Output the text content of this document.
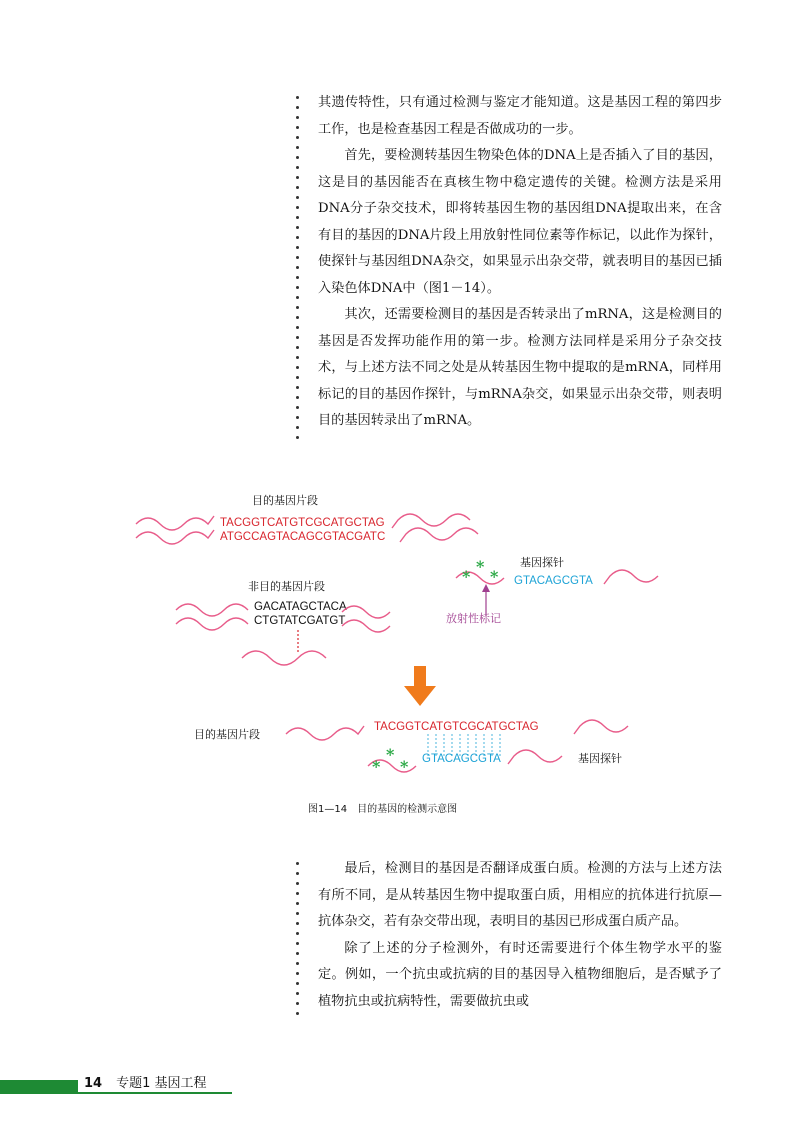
其遗传特性，只有通过检测与鉴定才能知道。这是基因工程的第四步工作，也是检查基因工程是否做成功的一步。

首先，要检测转基因生物染色体的DNA上是否插入了目的基因，这是目的基因能否在真核生物中稳定遗传的关键。检测方法是采用DNA分子杂交技术，即将转基因生物的基因组DNA提取出来，在含有目的基因的DNA片段上用放射性同位素等作标记，以此作为探针，使探针与基因组DNA杂交，如果显示出杂交带，就表明目的基因已插入染色体DNA中（图1－14）。

其次，还需要检测目的基因是否转录出了mRNA，这是检测目的基因是否发挥功能作用的第一步。检测方法同样是采用分子杂交技术，与上述方法不同之处是从转基因生物中提取的是mRNA，同样用标记的目的基因作探针，与mRNA杂交，如果显示出杂交带，则表明目的基因转录出了mRNA。

目的基因片段
TACGGTCATGTCGCATGCTAG
ATGCCAGTACAGCGTACGATC
基因探针
GTACAGCGTA
*
*
*
放射性标记
非目的基因片段
GACATAGCTACA
CTGTATCGATGT
目的基因片段
TACGGTCATGTCGCATGCTAG
GTACAGCGTA
*
*
*	基因探针
图1—14　目的基因的检测示意图

最后，检测目的基因是否翻译成蛋白质。检测的方法与上述方法有所不同，是从转基因生物中提取蛋白质，用相应的抗体进行抗原—抗体杂交，若有杂交带出现，表明目的基因已形成蛋白质产品。

除了上述的分子检测外，有时还需要进行个体生物学水平的鉴定。例如，一个抗虫或抗病的目的基因导入植物细胞后，是否赋予了植物抗虫或抗病特性，需要做抗虫或

14 专题1 基因工程
